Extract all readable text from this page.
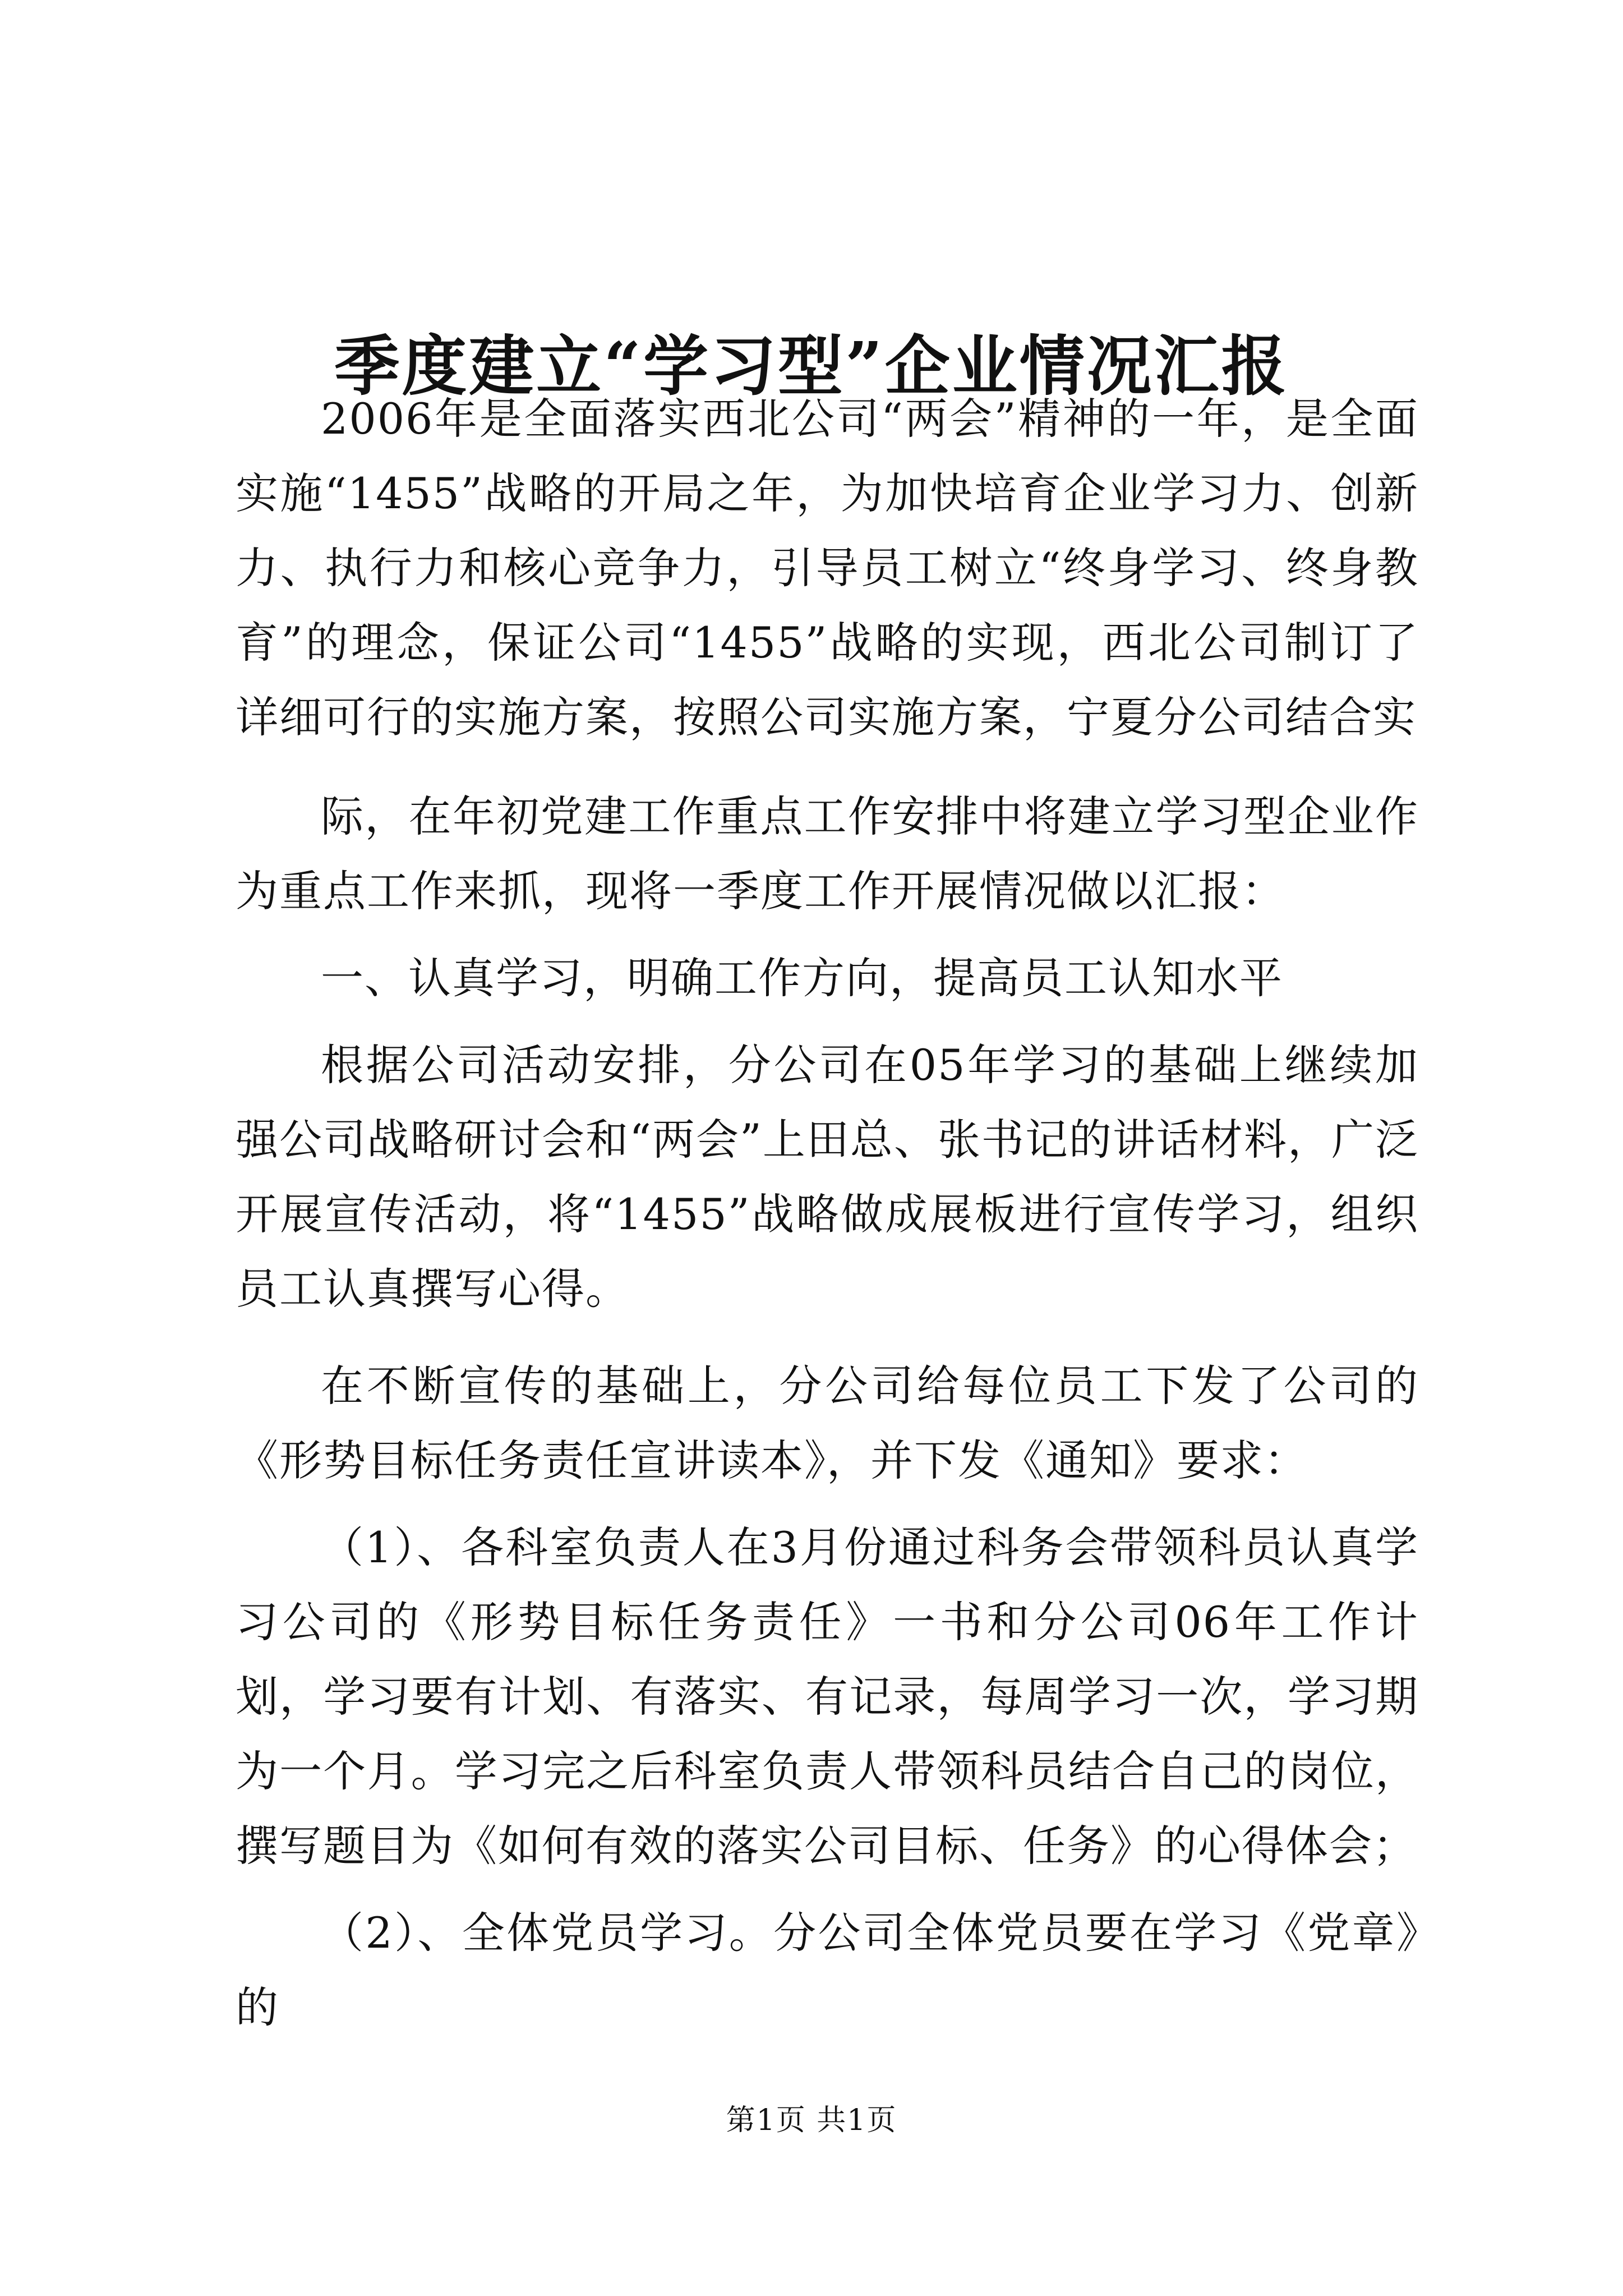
季度建立“学习型”企业情况汇报

2006年是全面落实西北公司“两会”精神的一年，是全面实施“1455”战略的开局之年，为加快培育企业学习力、创新力、执行力和核心竞争力，引导员工树立“终身学习、终身教育”的理念，保证公司“1455”战略的实现，西北公司制订了详细可行的实施方案，按照公司实施方案，宁夏分公司结合实

际，在年初党建工作重点工作安排中将建立学习型企业作为重点工作来抓，现将一季度工作开展情况做以汇报：

一、认真学习，明确工作方向，提高员工认知水平

根据公司活动安排，分公司在05年学习的基础上继续加强公司战略研讨会和“两会”上田总、张书记的讲话材料，广泛开展宣传活动，将“1455”战略做成展板进行宣传学习，组织员工认真撰写心得。

在不断宣传的基础上，分公司给每位员工下发了公司的《形势目标任务责任宣讲读本》，并下发《通知》要求：

（1）、各科室负责人在3月份通过科务会带领科员认真学习公司的《形势目标任务责任》一书和分公司06年工作计划，学习要有计划、有落实、有记录，每周学习一次，学习期为一个月。学习完之后科室负责人带领科员结合自己的岗位，撰写题目为《如何有效的落实公司目标、任务》的心得体会；

（2）、全体党员学习。分公司全体党员要在学习《党章》的

第1页 共1页
